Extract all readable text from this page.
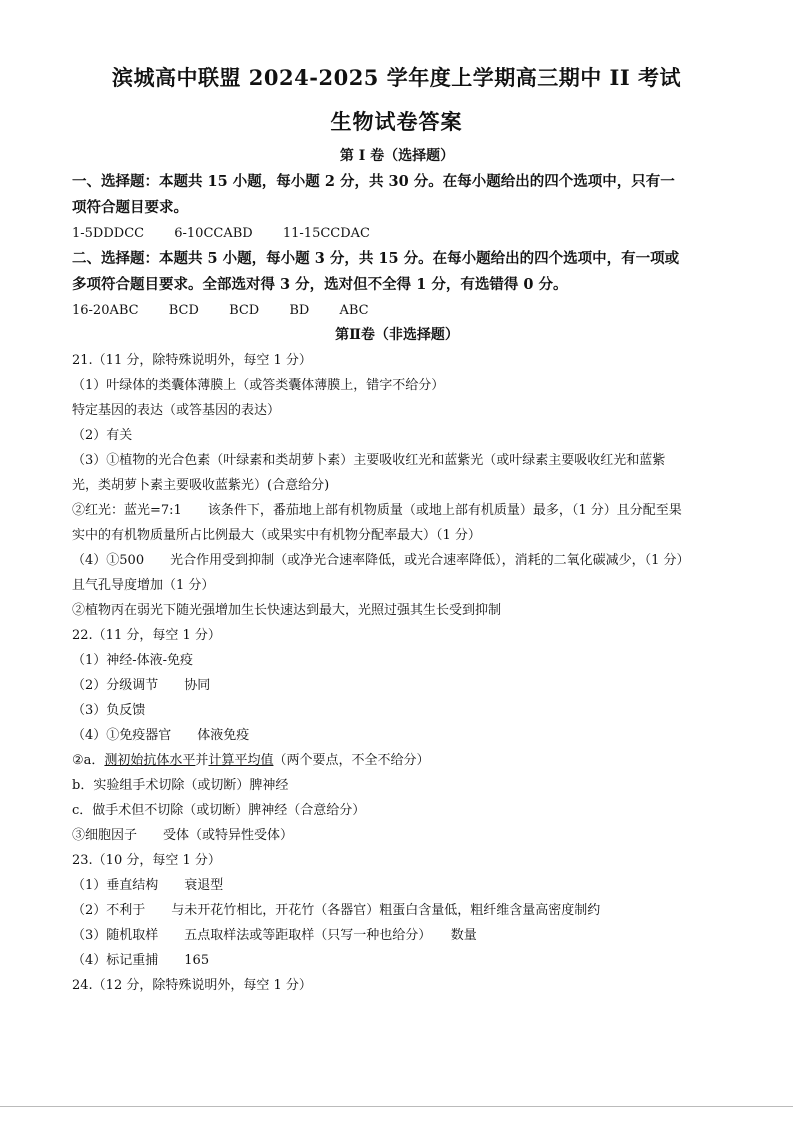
滨城高中联盟 2024-2025 学年度上学期高三期中 II 考试
生物试卷答案
第 Ⅰ 卷（选择题）
一、选择题：本题共 15 小题，每小题 2 分，共 30 分。在每小题给出的四个选项中，只有一
项符合题目要求。
1-5DDDCC 6-10CCABD 11-15CCDAC
二、选择题：本题共 5 小题，每小题 3 分，共 15 分。在每小题给出的四个选项中，有一项或
多项符合题目要求。全部选对得 3 分，选对但不全得 1 分，有选错得 0 分。
16-20ABC BCD BCD BD ABC
第Ⅱ卷（非选择题）
21.（11 分，除特殊说明外，每空 1 分）
（1）叶绿体的类囊体薄膜上（或答类囊体薄膜上，错字不给分）
特定基因的表达（或答基因的表达）
（2）有关
（3）①植物的光合色素（叶绿素和类胡萝卜素）主要吸收红光和蓝紫光（或叶绿素主要吸收红光和蓝紫
光，类胡萝卜素主要吸收蓝紫光）(合意给分)
②红光：蓝光=7:1　　该条件下，番茄地上部有机物质量（或地上部有机质量）最多，（1 分）且分配至果
实中的有机物质量所占比例最大（或果实中有机物分配率最大）（1 分）
（4）①500　　光合作用受到抑制（或净光合速率降低，或光合速率降低），消耗的二氧化碳减少，（1 分）
且气孔导度增加（1 分）
②植物丙在弱光下随光强增加生长快速达到最大，光照过强其生长受到抑制
22.（11 分，每空 1 分）
（1）神经-体液-免疫
（2）分级调节　　协同
（3）负反馈
（4）①免疫器官　　体液免疫
②a．测初始抗体水平并计算平均值（两个要点，不全不给分）
b．实验组手术切除（或切断）脾神经
c．做手术但不切除（或切断）脾神经（合意给分）
③细胞因子　　受体（或特异性受体）
23.（10 分，每空 1 分）
（1）垂直结构　　衰退型
（2）不利于　　与未开花竹相比，开花竹（各器官）粗蛋白含量低，粗纤维含量高密度制约
（3）随机取样　　五点取样法或等距取样（只写一种也给分）　　数量
（4）标记重捕　　165
24.（12 分，除特殊说明外，每空 1 分）
